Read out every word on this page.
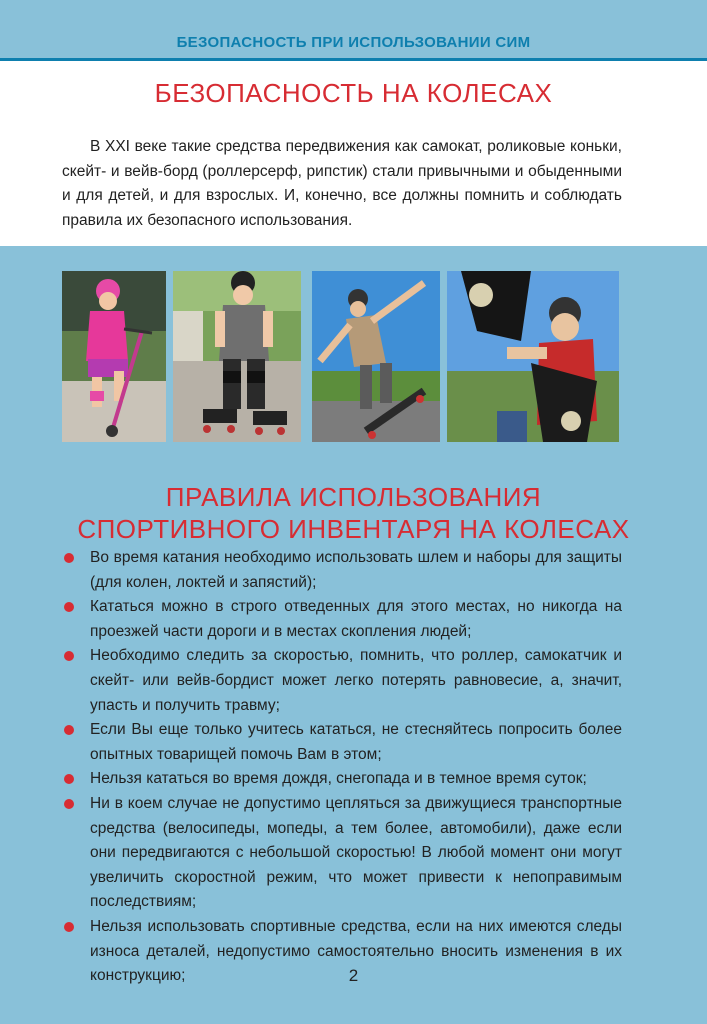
БЕЗОПАСНОСТЬ ПРИ ИСПОЛЬЗОВАНИИ СИМ
БЕЗОПАСНОСТЬ НА КОЛЕСАХ
В XXI веке такие средства передвижения как самокат, роликовые коньки, скейт- и вейв-борд (роллерсерф, рипстик) стали привычными и обыденными и для детей, и для взрослых. И, конечно, все должны помнить и соблюдать правила их безопасного использования.
ПРАВИЛА ИСПОЛЬЗОВАНИЯ
СПОРТИВНОГО ИНВЕНТАРЯ НА КОЛЕСАХ
Во время катания необходимо использовать шлем и наборы для защиты (для колен, локтей и запястий);
Кататься можно в строго отведенных для этого местах, но никогда на проезжей части дороги и в местах скопления людей;
Необходимо следить за скоростью, помнить, что роллер, самокатчик и скейт- или вейв-бордист может легко потерять равновесие, а, значит, упасть и получить травму;
Если Вы еще только учитесь кататься, не стесняйтесь попросить более опытных товарищей помочь Вам в этом;
Нельзя кататься во время дождя, снегопада и в темное время суток;
Ни в коем случае не допустимо цепляться за движущиеся транспортные средства (велосипеды, мопеды, а тем более, автомобили), даже если они передвигаются с небольшой скоростью! В любой момент они могут увеличить скоростной режим, что может привести к непоправимым последствиям;
Нельзя использовать спортивные средства, если на них имеются следы износа деталей, недопустимо самостоятельно вносить изменения в их конструкцию;	2
